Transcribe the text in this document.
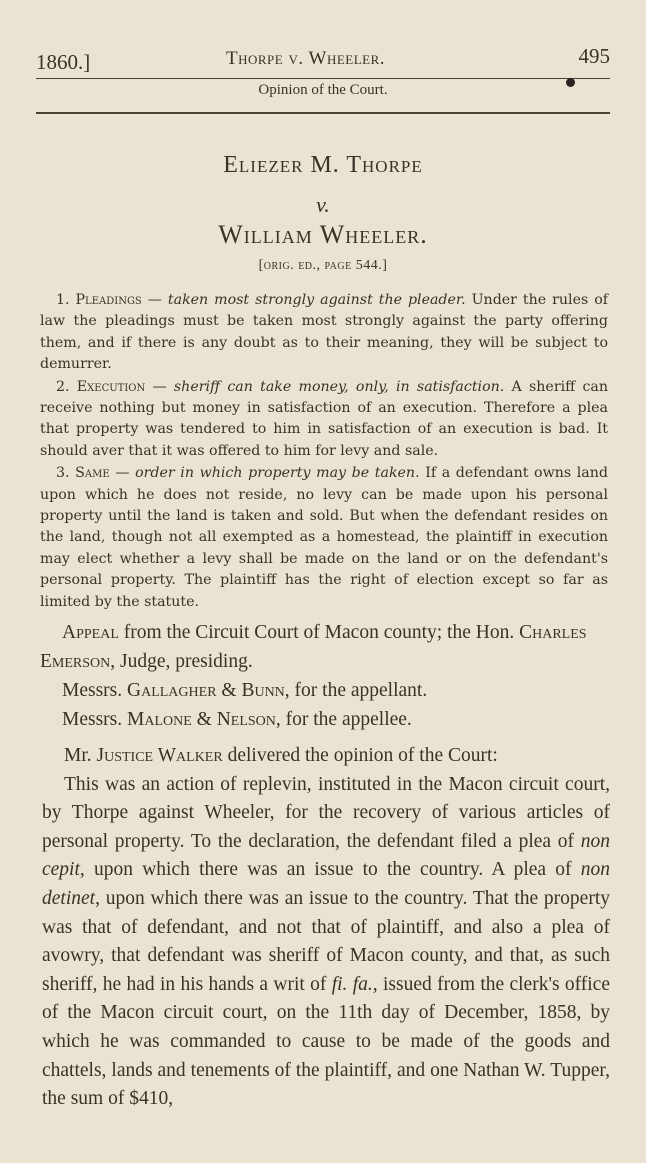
1860.]	Thorpe v. Wheeler.	495
Opinion of the Court.
Eliezer M. Thorpe
v.
William Wheeler.
[orig. ed., page 544.]

1. Pleadings — taken most strongly against the pleader. Under the rules of law the pleadings must be taken most strongly against the party offering them, and if there is any doubt as to their meaning, they will be subject to demurrer.

2. Execution — sheriff can take money, only, in satisfaction. A sheriff can receive nothing but money in satisfaction of an execution. Therefore a plea that property was tendered to him in satisfaction of an execution is bad. It should aver that it was offered to him for levy and sale.

3. Same — order in which property may be taken. If a defendant owns land upon which he does not reside, no levy can be made upon his personal property until the land is taken and sold. But when the defendant resides on the land, though not all exempted as a homestead, the plaintiff in execution may elect whether a levy shall be made on the land or on the defendant's personal property. The plaintiff has the right of election except so far as limited by the statute.

Appeal from the Circuit Court of Macon county; the Hon. Charles Emerson, Judge, presiding.

Messrs. Gallagher & Bunn, for the appellant.

Messrs. Malone & Nelson, for the appellee.

Mr. Justice Walker delivered the opinion of the Court:

This was an action of replevin, instituted in the Macon circuit court, by Thorpe against Wheeler, for the recovery of various articles of personal property. To the declaration, the defendant filed a plea of non cepit, upon which there was an issue to the country. A plea of non detinet, upon which there was an issue to the country. That the property was that of defendant, and not that of plaintiff, and also a plea of avowry, that defendant was sheriff of Macon county, and that, as such sheriff, he had in his hands a writ of fi. fa., issued from the clerk's office of the Macon circuit court, on the 11th day of December, 1858, by which he was commanded to cause to be made of the goods and chattels, lands and tenements of the plaintiff, and one Nathan W. Tupper, the sum of $410,
